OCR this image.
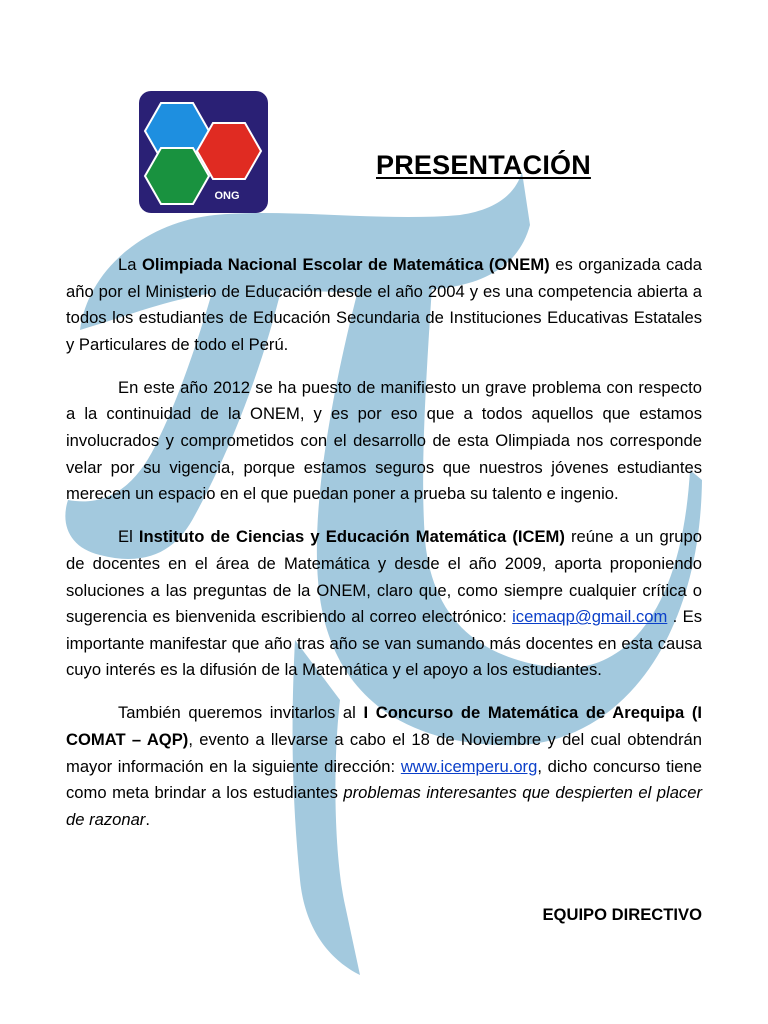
ONG
PRESENTACIÓN

La Olimpiada Nacional Escolar de Matemática (ONEM) es organizada cada año por el Ministerio de Educación desde el año 2004 y es una competencia abierta a todos los estudiantes de Educación Secundaria de Instituciones Educativas Estatales y Particulares de todo el Perú.

En este año 2012 se ha puesto de manifiesto un grave problema con respecto a la continuidad de la ONEM, y es por eso que a todos aquellos que estamos involucrados y comprometidos con el desarrollo de esta Olimpiada nos corresponde velar por su vigencia, porque estamos seguros que nuestros jóvenes estudiantes merecen un espacio en el que puedan poner a prueba su talento e ingenio.

El Instituto de Ciencias y Educación Matemática (ICEM) reúne a un grupo de docentes en el área de Matemática y desde el año 2009, aporta proponiendo soluciones a las preguntas de la ONEM, claro que, como siempre cualquier crítica o sugerencia es bienvenida escribiendo al correo electrónico: icemaqp@gmail.com . Es importante manifestar que año tras año se van sumando más docentes en esta causa cuyo interés es la difusión de la Matemática y el apoyo a los estudiantes.

También queremos invitarlos al I Concurso de Matemática de Arequipa (I COMAT – AQP), evento a llevarse a cabo el 18 de Noviembre y del cual obtendrán mayor información en la siguiente dirección: www.icemperu.org, dicho concurso tiene como meta brindar a los estudiantes problemas interesantes que despierten el placer de razonar.

EQUIPO DIRECTIVO
